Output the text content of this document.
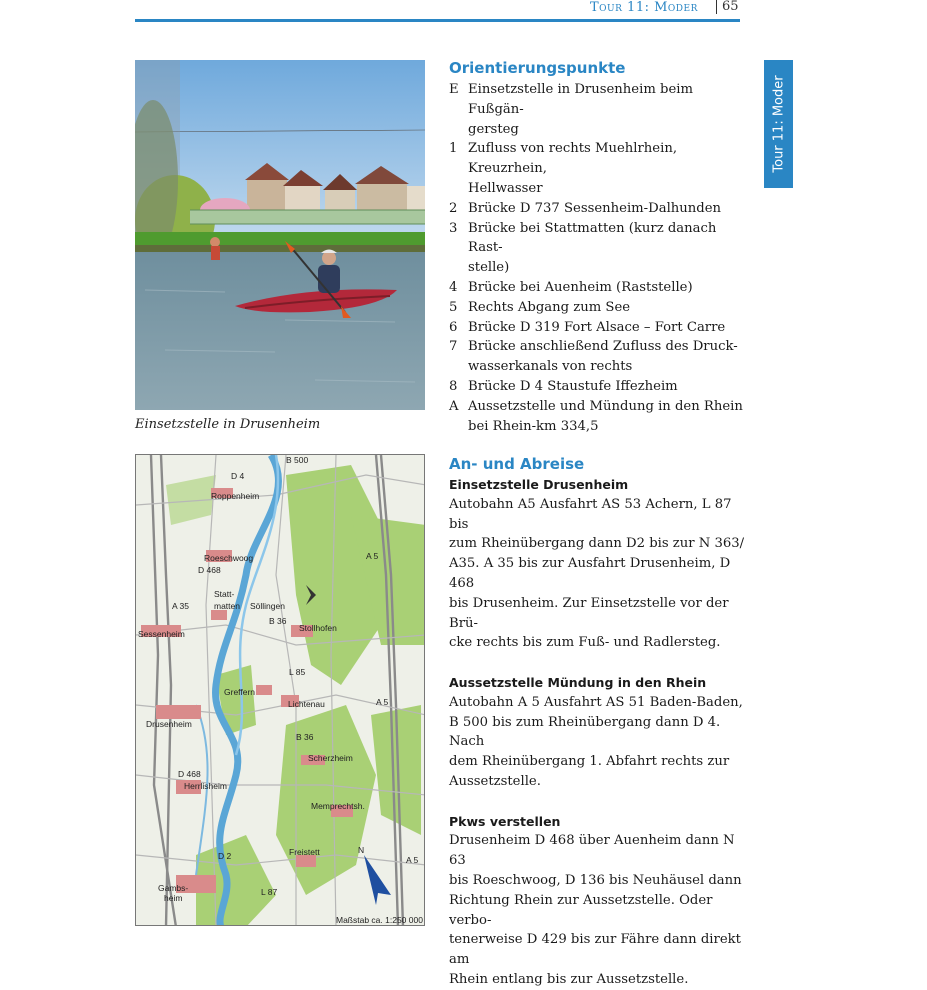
Tour 11: Moder 65
Tour 11: Moder
Einsetzstelle in Drusenheim
N
B 500
D 4
Roppenheim
Roeschwoog
D 468
A 5
Statt-
matten Söllingen
A 35
B 36
Stollhofen
Sessenheim
L 85
Greffern
A 5
Lichtenau
Drusenheim
B 36
Scherzheim
D 468
Herrlisheim
Memprechtsh.
D 2	Freistett
A 5
Gambs-
heim
L 87
Maßstab ca. 1:250 000
Orientierungspunkte
E Einsetzstelle in Drusenheim beim Fußgän-
gersteg
1 Zufluss von rechts Muehlrhein, Kreuzrhein,
Hellwasser
2 Brücke D 737 Sessenheim-Dalhunden
3 Brücke bei Stattmatten (kurz danach Rast-
stelle)
4 Brücke bei Auenheim (Raststelle)
5 Rechts Abgang zum See
6 Brücke D 319 Fort Alsace – Fort Carre
7 Brücke anschließend Zufluss des Druck-
wasserkanals von rechts
8 Brücke D 4 Staustufe Iffezheim
A Aussetzstelle und Mündung in den Rhein
bei Rhein-km 334,5
An- und Abreise
Einsetzstelle Drusenheim
Autobahn A5 Ausfahrt AS 53 Achern, L 87 bis
zum Rheinübergang dann D2 bis zur N 363/
A35. A 35 bis zur Ausfahrt Drusenheim, D 468
bis Drusenheim. Zur Einsetzstelle vor der Brü-
cke rechts bis zum Fuß- und Radlersteg.
Aussetzstelle Mündung in den Rhein
Autobahn A 5 Ausfahrt AS 51 Baden-Baden,
B 500 bis zum Rheinübergang dann D 4. Nach
dem Rheinübergang 1. Abfahrt rechts zur
Aussetzstelle.
Pkws verstellen
Drusenheim D 468 über Auenheim dann N 63
bis Roeschwoog, D 136 bis Neuhäusel dann
Richtung Rhein zur Aussetzstelle. Oder verbo-
tenerweise D 429 bis zur Fähre dann direkt am
Rhein entlang bis zur Aussetzstelle.
